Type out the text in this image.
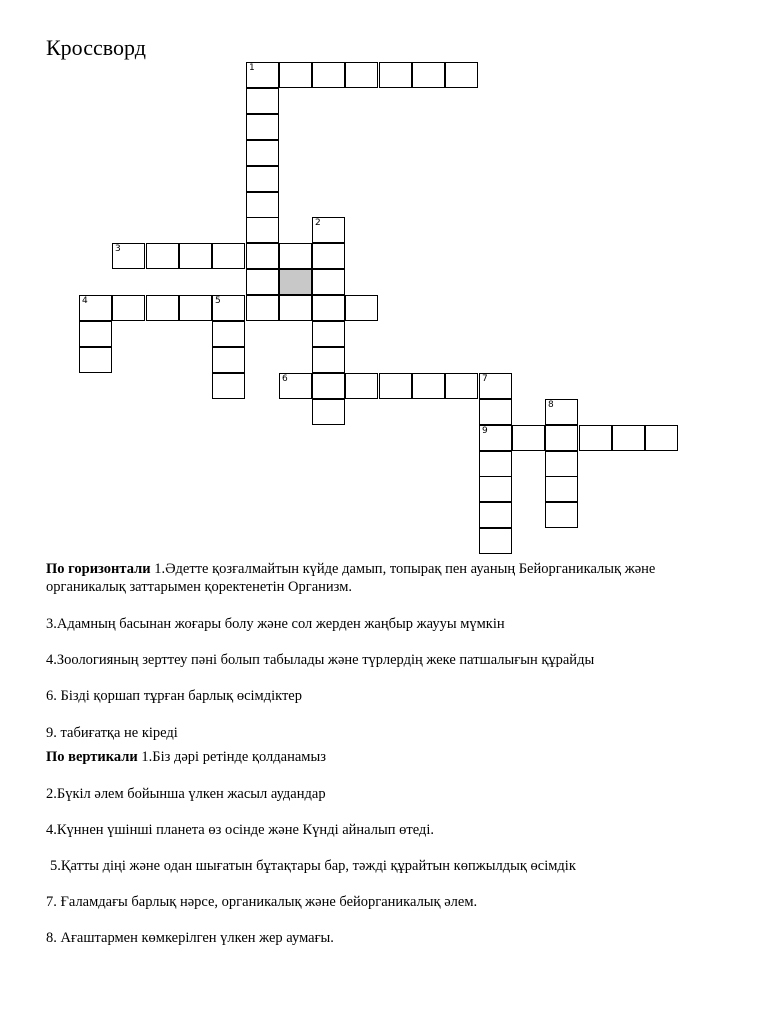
Кроссворд
1
2
3
4	5
6	7
9
8
По горизонтали 1.Әдетте қозғалмайтын күйде дамып, топырақ пен ауаның Бейорганикалық және органикалық заттарымен қоректенетін Организм.
3.Адамның басынан жоғары болу және сол жерден жаңбыр жаууы мүмкін
4.Зоологияның зерттеу пәні болып табылады және түрлердің жеке патшалығын құрайды
6. Бізді қоршап тұрған барлық өсімдіктер
9. табиғатқа не кіреді
По вертикали 1.Біз дәрі ретінде қолданамыз
2.Бүкіл әлем бойынша үлкен жасыл аудандар
4.Күннен үшінші планета өз осінде және Күнді айналып өтеді.
5.Қатты діңі және одан шығатын бұтақтары бар, тәжді құрайтын көпжылдық өсімдік
7. Ғаламдағы барлық нәрсе, органикалық және бейорганикалық әлем.
8. Ағаштармен көмкерілген үлкен жер аумағы.
